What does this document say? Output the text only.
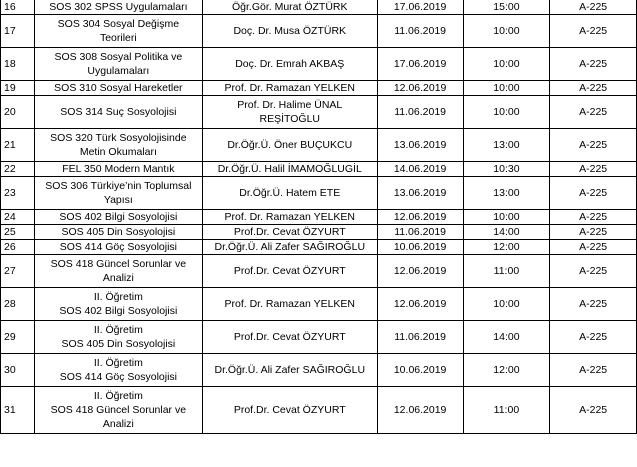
16	SOS 302 SPSS Uygulamaları	Öğr.Gör. Murat ÖZTÜRK	17.06.2019	15:00	A-225
17	SOS 304 Sosyal Değişme
Teorileri	Doç. Dr. Musa ÖZTÜRK	11.06.2019	10:00	A-225
18	SOS 308 Sosyal Politika ve
Uygulamaları	Doç. Dr. Emrah AKBAŞ	17.06.2019	10:00	A-225
19	SOS 310 Sosyal Hareketler	Prof. Dr. Ramazan YELKEN	12.06.2019	10:00	A-225
20	SOS 314 Suç Sosyolojisi	Prof. Dr. Halime ÜNAL
REŞİTOĞLU	11.06.2019	10:00	A-225
21	SOS 320 Türk Sosyolojisinde
Metin Okumaları	Dr.Öğr.Ü. Öner BUÇUKCU	13.06.2019	13:00	A-225
22	FEL 350 Modern Mantık	Dr.Öğr.Ü. Halil İMAMOĞLUGİL	14.06.2019	10:30	A-225
23	SOS 306 Türkiye’nin Toplumsal
Yapısı	Dr.Öğr.Ü. Hatem ETE	13.06.2019	13:00	A-225
24	SOS 402 Bilgi Sosyolojisi	Prof. Dr. Ramazan YELKEN	12.06.2019	10:00	A-225
25	SOS 405 Din Sosyolojisi	Prof.Dr. Cevat ÖZYURT	11.06.2019	14:00	A-225
26	SOS 414 Göç Sosyolojisi	Dr.Öğr.Ü. Ali Zafer SAĞIROĞLU	10.06.2019	12:00	A-225
27	SOS 418 Güncel Sorunlar ve
Analizi	Prof.Dr. Cevat ÖZYURT	12.06.2019	11:00	A-225
28	II. Öğretim
SOS 402 Bilgi Sosyolojisi	Prof. Dr. Ramazan YELKEN	12.06.2019	10:00	A-225
29	II. Öğretim
SOS 405 Din Sosyolojisi	Prof.Dr. Cevat ÖZYURT	11.06.2019	14:00	A-225
30	II. Öğretim
SOS 414 Göç Sosyolojisi	Dr.Öğr.Ü. Ali Zafer SAĞIROĞLU	10.06.2019	12:00	A-225
31	II. Öğretim
SOS 418 Güncel Sorunlar ve
Analizi	Prof.Dr. Cevat ÖZYURT	12.06.2019	11:00	A-225
